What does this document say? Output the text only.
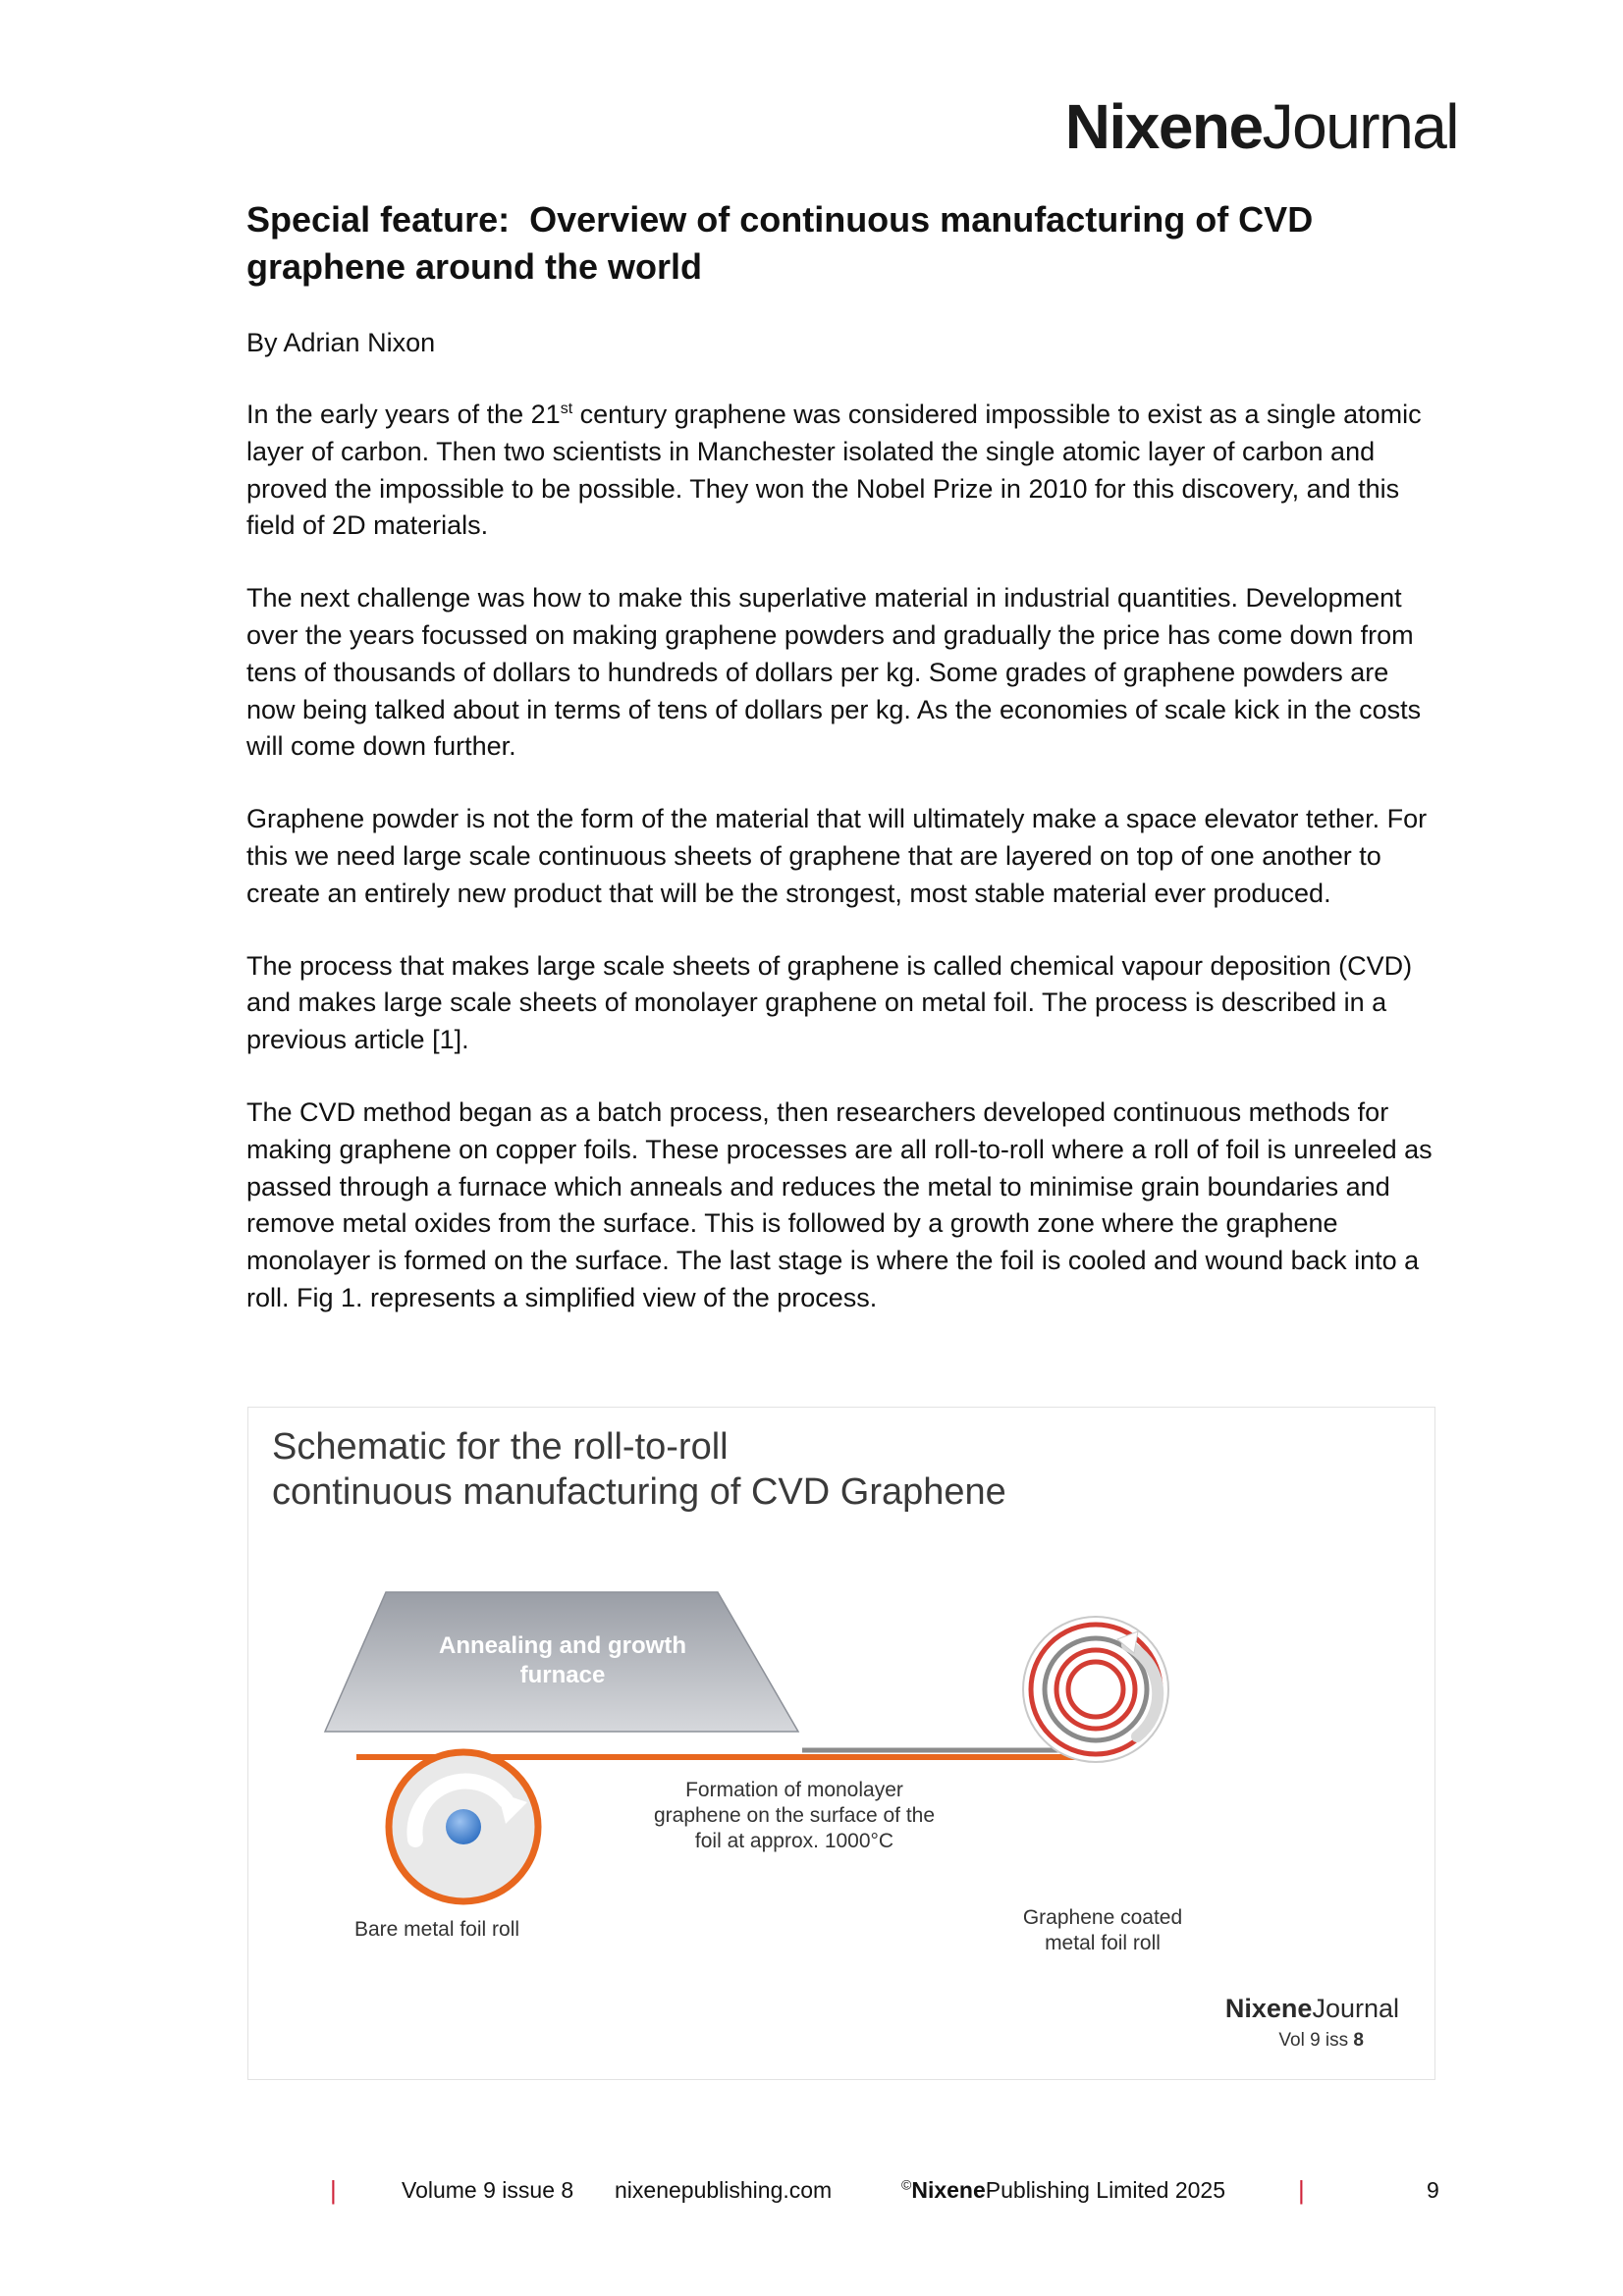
NixeneJournal
Special feature: Overview of continuous manufacturing of CVD graphene around the world
By Adrian Nixon

In the early years of the 21st century graphene was considered impossible to exist as a single atomic layer of carbon. Then two scientists in Manchester isolated the single atomic layer of carbon and proved the impossible to be possible. They won the Nobel Prize in 2010 for this discovery, and this field of 2D materials.

The next challenge was how to make this superlative material in industrial quantities. Development over the years focussed on making graphene powders and gradually the price has come down from tens of thousands of dollars to hundreds of dollars per kg. Some grades of graphene powders are now being talked about in terms of tens of dollars per kg. As the economies of scale kick in the costs will come down further.

Graphene powder is not the form of the material that will ultimately make a space elevator tether. For this we need large scale continuous sheets of graphene that are layered on top of one another to create an entirely new product that will be the strongest, most stable material ever produced.

The process that makes large scale sheets of graphene is called chemical vapour deposition (CVD) and makes large scale sheets of monolayer graphene on metal foil. The process is described in a previous article [1].

The CVD method began as a batch process, then researchers developed continuous methods for making graphene on copper foils. These processes are all roll-to-roll where a roll of foil is unreeled as passed through a furnace which anneals and reduces the metal to minimise grain boundaries and remove metal oxides from the surface. This is followed by a growth zone where the graphene monolayer is formed on the surface. The last stage is where the foil is cooled and wound back into a roll. Fig 1. represents a simplified view of the process.

Schematic for the roll-to-roll
continuous manufacturing of CVD Graphene
Annealing and growth
furnace
Formation of monolayer
graphene on the surface of the
foil at approx. 1000°C
Bare metal foil roll
Graphene coated
metal foil roll
NixeneJournal
Vol 9 iss 8
|	Volume 9 issue 8 nixenepublishing.com	©NixenePublishing Limited 2025	|	9
